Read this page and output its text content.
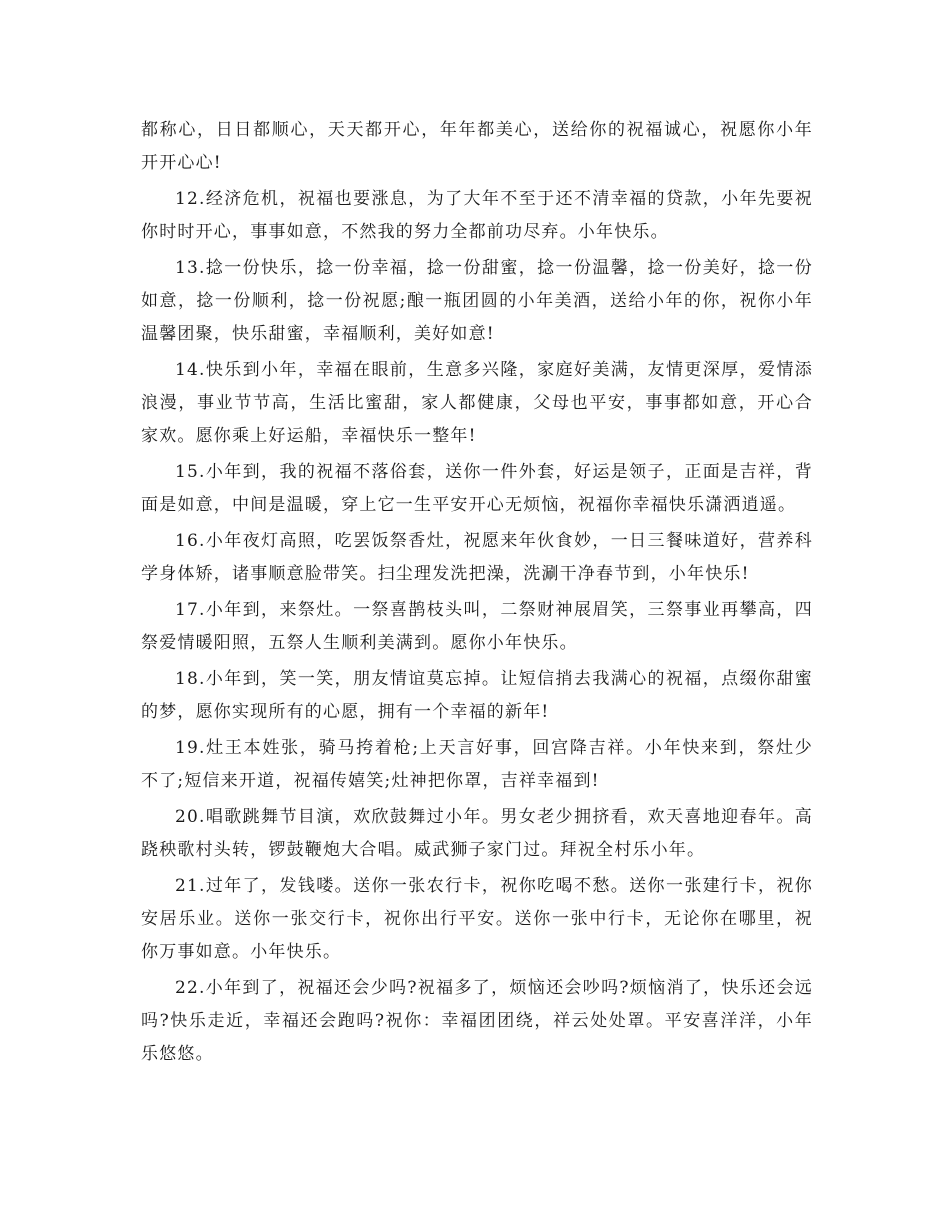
都称心，日日都顺心，天天都开心，年年都美心，送给你的祝福诚心，祝愿你小年开开心心!

12.经济危机，祝福也要涨息，为了大年不至于还不清幸福的贷款，小年先要祝你时时开心，事事如意，不然我的努力全都前功尽弃。小年快乐。

13.捻一份快乐，捻一份幸福，捻一份甜蜜，捻一份温馨，捻一份美好，捻一份如意，捻一份顺利，捻一份祝愿;酿一瓶团圆的小年美酒，送给小年的你，祝你小年温馨团聚，快乐甜蜜，幸福顺利，美好如意!

14.快乐到小年，幸福在眼前，生意多兴隆，家庭好美满，友情更深厚，爱情添浪漫，事业节节高，生活比蜜甜，家人都健康，父母也平安，事事都如意，开心合家欢。愿你乘上好运船，幸福快乐一整年!

15.小年到，我的祝福不落俗套，送你一件外套，好运是领子，正面是吉祥，背面是如意，中间是温暖，穿上它一生平安开心无烦恼，祝福你幸福快乐潇洒逍遥。

16.小年夜灯高照，吃罢饭祭香灶，祝愿来年伙食妙，一日三餐味道好，营养科学身体矫，诸事顺意脸带笑。扫尘理发洗把澡，洗涮干净春节到，小年快乐!

17.小年到，来祭灶。一祭喜鹊枝头叫，二祭财神展眉笑，三祭事业再攀高，四祭爱情暖阳照，五祭人生顺利美满到。愿你小年快乐。

18.小年到，笑一笑，朋友情谊莫忘掉。让短信捎去我满心的祝福，点缀你甜蜜的梦，愿你实现所有的心愿，拥有一个幸福的新年!

19.灶王本姓张，骑马挎着枪;上天言好事，回宫降吉祥。小年快来到，祭灶少不了;短信来开道，祝福传嬉笑;灶神把你罩，吉祥幸福到!

20.唱歌跳舞节目演，欢欣鼓舞过小年。男女老少拥挤看，欢天喜地迎春年。高跷秧歌村头转，锣鼓鞭炮大合唱。威武狮子家门过。拜祝全村乐小年。

21.过年了，发钱喽。送你一张农行卡，祝你吃喝不愁。送你一张建行卡，祝你安居乐业。送你一张交行卡，祝你出行平安。送你一张中行卡，无论你在哪里，祝你万事如意。小年快乐。

22.小年到了，祝福还会少吗?祝福多了，烦恼还会吵吗?烦恼消了，快乐还会远吗?快乐走近，幸福还会跑吗?祝你：幸福团团绕，祥云处处罩。平安喜洋洋，小年乐悠悠。
